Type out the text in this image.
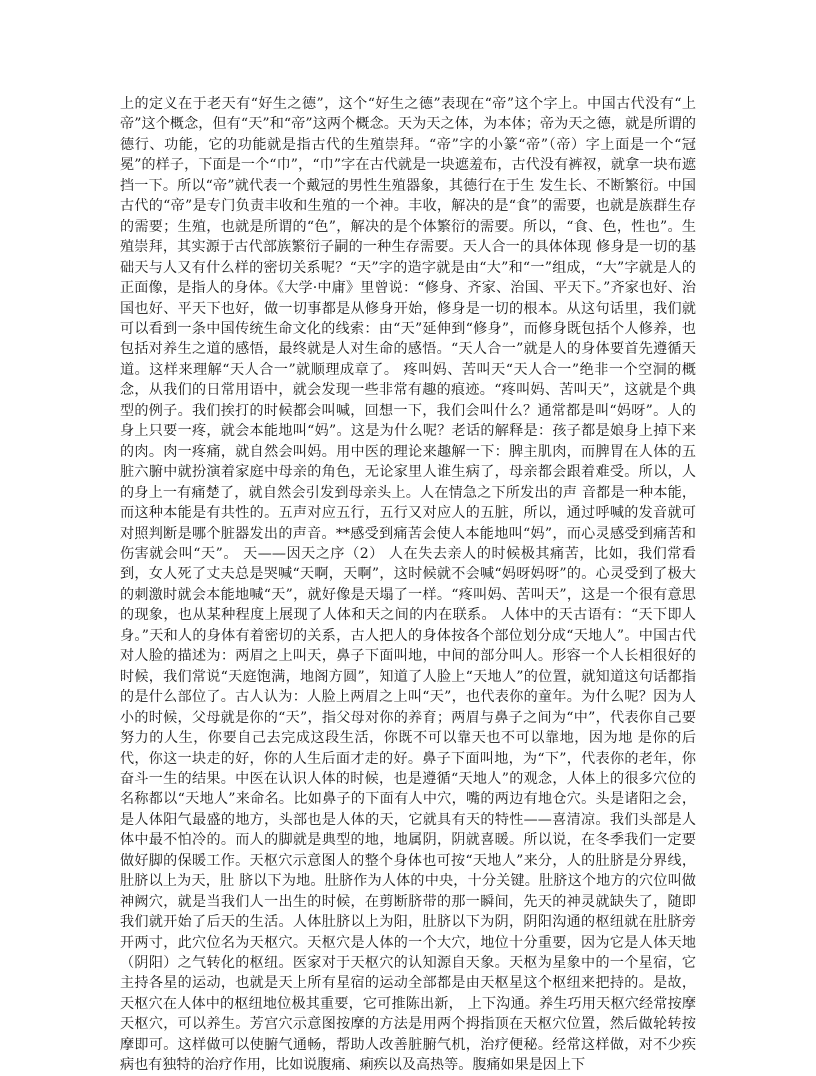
上的定义在于老天有“好生之德”，这个“好生之德”表现在“帝”这个字上。中国古代没有“上帝”这个概念，但有“天”和“帝”这两个概念。天为天之体，为本体；帝为天之德，就是所谓的德行、功能，它的功能就是指古代的生殖崇拜。“帝”字的小篆“帝”（帝）字上面是一个“冠冕”的样子，下面是一个“巾”，“巾”字在古代就是一块遮羞布，古代没有裤衩，就拿一块布遮挡一下。所以“帝”就代表一个戴冠的男性生殖器象，其德行在于生 发生长、不断繁衍。中国古代的“帝”是专门负责丰收和生殖的一个神。丰收，解决的是“食”的需要，也就是族群生存的需要；生殖，也就是所谓的“色”，解决的是个体繁衍的需要。所以，“食、色，性也”。生殖崇拜，其实源于古代部族繁衍子嗣的一种生存需要。天人合一的具体体现 修身是一切的基础天与人又有什么样的密切关系呢？“天”字的造字就是由“大”和“一”组成，“大”字就是人的正面像，是指人的身体。《大学·中庸》里曾说：“修身、齐家、治国、平天下。”齐家也好、治国也好、平天下也好，做一切事都是从修身开始，修身是一切的根本。从这句话里，我们就可以看到一条中国传统生命文化的线索：由“天”延伸到“修身”，而修身既包括个人修养，也包括对养生之道的感悟，最终就是人对生命的感悟。“天人合一”就是人的身体要首先遵循天道。这样来理解“天人合一”就顺理成章了。 疼叫妈、苦叫天“天人合一”绝非一个空洞的概念，从我们的日常用语中，就会发现一些非常有趣的痕迹。“疼叫妈、苦叫天”，这就是个典型的例子。我们挨打的时候都会叫喊，回想一下，我们会叫什么？通常都是叫“妈呀”。人的身上只要一疼，就会本能地叫“妈”。这是为什么呢？老话的解释是：孩子都是娘身上掉下来的肉。肉一疼痛，就自然会叫妈。用中医的理论来趣解一下：脾主肌肉，而脾胃在人体的五脏六腑中就扮演着家庭中母亲的角色，无论家里人谁生病了，母亲都会跟着难受。所以，人的身上一有痛楚了，就自然会引发到母亲头上。人在情急之下所发出的声 音都是一种本能，而这种本能是有共性的。五声对应五行，五行又对应人的五脏，所以，通过呼喊的发音就可对照判断是哪个脏器发出的声音。**感受到痛苦会使人本能地叫“妈”，而心灵感受到痛苦和伤害就会叫“天”。 天——因天之序（2） 人在失去亲人的时候极其痛苦，比如，我们常看到，女人死了丈夫总是哭喊“天啊，天啊”，这时候就不会喊“妈呀妈呀”的。心灵受到了极大的刺激时就会本能地喊“天”，就好像是天塌了一样。“疼叫妈、苦叫天”，这是一个很有意思的现象，也从某种程度上展现了人体和天之间的内在联系。 人体中的天古语有：“天下即人身。”天和人的身体有着密切的关系，古人把人的身体按各个部位划分成“天地人”。中国古代对人脸的描述为：两眉之上叫天，鼻子下面叫地，中间的部分叫人。形容一个人长相很好的时候，我们常说“天庭饱满，地阁方圆”，知道了人脸上“天地人”的位置，就知道这句话都指的是什么部位了。古人认为：人脸上两眉之上叫“天”，也代表你的童年。为什么呢？因为人小的时候，父母就是你的“天”，指父母对你的养育；两眉与鼻子之间为“中”，代表你自己要努力的人生，你要自己去完成这段生活，你既不可以靠天也不可以靠地，因为地 是你的后代，你这一块走的好，你的人生后面才走的好。鼻子下面叫地，为“下”，代表你的老年，你奋斗一生的结果。中医在认识人体的时候，也是遵循“天地人”的观念，人体上的很多穴位的名称都以“天地人”来命名。比如鼻子的下面有人中穴，嘴的两边有地仓穴。头是诸阳之会，是人体阳气最盛的地方，头部也是人体的天，它就具有天的特性——喜清凉。我们头部是人体中最不怕冷的。而人的脚就是典型的地，地属阴，阴就喜暖。所以说，在冬季我们一定要做好脚的保暖工作。天枢穴示意图人的整个身体也可按“天地人”来分，人的肚脐是分界线，肚脐以上为天，肚 脐以下为地。肚脐作为人体的中央，十分关键。肚脐这个地方的穴位叫做神阙穴，就是当我们人一出生的时候，在剪断脐带的那一瞬间，先天的神灵就缺失了，随即我们就开始了后天的生活。人体肚脐以上为阳，肚脐以下为阴，阴阳沟通的枢纽就在肚脐旁开两寸，此穴位名为天枢穴。天枢穴是人体的一个大穴，地位十分重要，因为它是人体天地（阴阳）之气转化的枢纽。医家对于天枢穴的认知源自天象。天枢为星象中的一个星宿，它主持各星的运动，也就是天上所有星宿的运动全部都是由天枢星这个枢纽来把持的。是故，天枢穴在人体中的枢纽地位极其重要，它可推陈出新， 上下沟通。养生巧用天枢穴经常按摩天枢穴，可以养生。芳宫穴示意图按摩的方法是用两个拇指顶在天枢穴位置，然后做轮转按摩即可。这样做可以使腑气通畅，帮助人改善脏腑气机，治疗便秘。经常这样做，对不少疾病也有独特的治疗作用，比如说腹痛、痢疾以及高热等。腹痛如果是因上下
